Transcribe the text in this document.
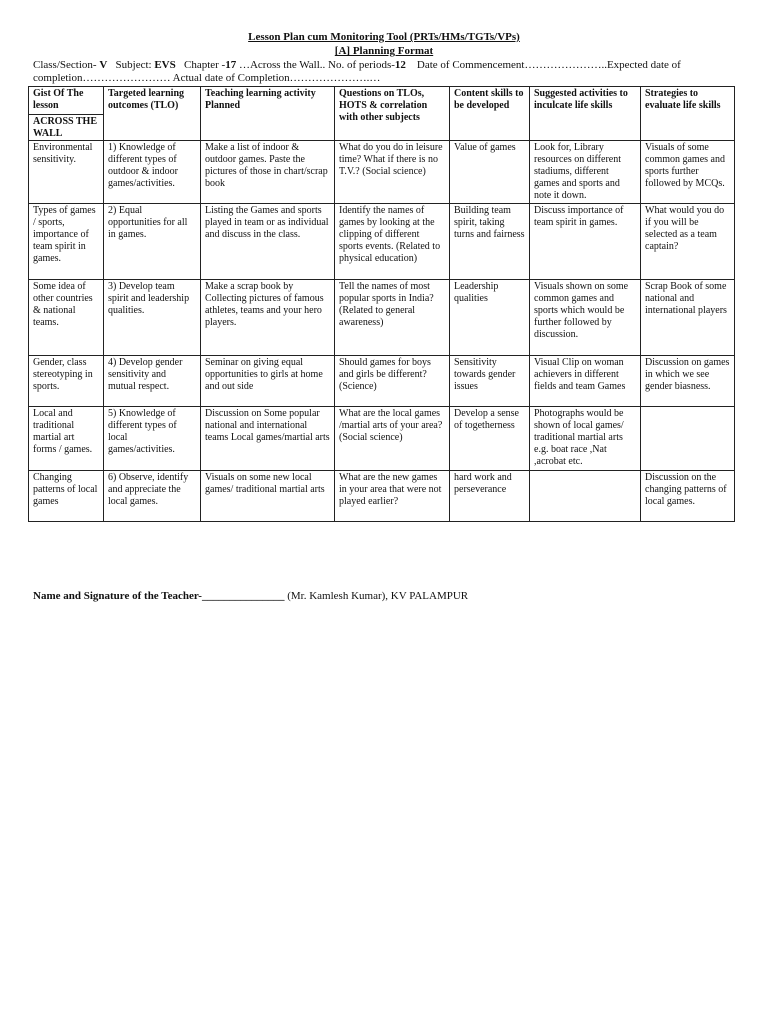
Lesson Plan cum Monitoring Tool (PRTs/HMs/TGTs/VPs)
[A] Planning Format
Class/Section- V Subject: EVS Chapter -17 …Across the Wall.. No. of periods-12 Date of Commencement…………………..Expected date of completion…………………… Actual date of Completion………………….…
Gist Of The lesson
ACROSS THE WALL	Targeted learning outcomes (TLO)	Teaching learning activity Planned	Questions on TLOs, HOTS & correlation with other subjects	Content skills to be developed	Suggested activities to inculcate life skills	Strategies to evaluate life skills
Environmental sensitivity.	1) Knowledge of different types of outdoor & indoor games/activities.	Make a list of indoor & outdoor games. Paste the pictures of those in chart/scrap book	What do you do in leisure time? What if there is no T.V.? (Social science)	Value of games	Look for, Library resources on different stadiums, different games and sports and note it down.	Visuals of some common games and sports further followed by MCQs.
Types of games / sports, importance of team spirit in games.	2) Equal opportunities for all in games.	Listing the Games and sports played in team or as individual and discuss in the class.	Identify the names of games by looking at the clipping of different sports events. (Related to physical education)	Building team spirit, taking turns and fairness	Discuss importance of team spirit in games.	What would you do if you will be selected as a team captain?
Some idea of other countries & national teams.	3) Develop team spirit and leadership qualities.	Make a scrap book by Collecting pictures of famous athletes, teams and your hero players.	Tell the names of most popular sports in India? (Related to general awareness)	Leadership qualities	Visuals shown on some common games and sports which would be further followed by discussion.	Scrap Book of some national and international players
Gender, class stereotyping in sports.	4) Develop gender sensitivity and mutual respect.	Seminar on giving equal opportunities to girls at home and out side	Should games for boys and girls be different? (Science)	Sensitivity towards gender issues	Visual Clip on woman achievers in different fields and team Games	Discussion on games in which we see gender biasness.
Local and traditional martial art forms / games.	5) Knowledge of different types of local games/activities.	Discussion on Some popular national and international teams Local games/martial arts	What are the local games /martial arts of your area? (Social science)	Develop a sense of togetherness	Photographs would be shown of local games/ traditional martial arts e.g. boat race ,Nat ,acrobat etc.	
Changing patterns of local games	6) Observe, identify and appreciate the local games.	Visuals on some new local games/ traditional martial arts	What are the new games in your area that were not played earlier?	hard work and perseverance		Discussion on the changing patterns of local games.
Name and Signature of the Teacher-_______________ (Mr. Kamlesh Kumar), KV PALAMPUR
